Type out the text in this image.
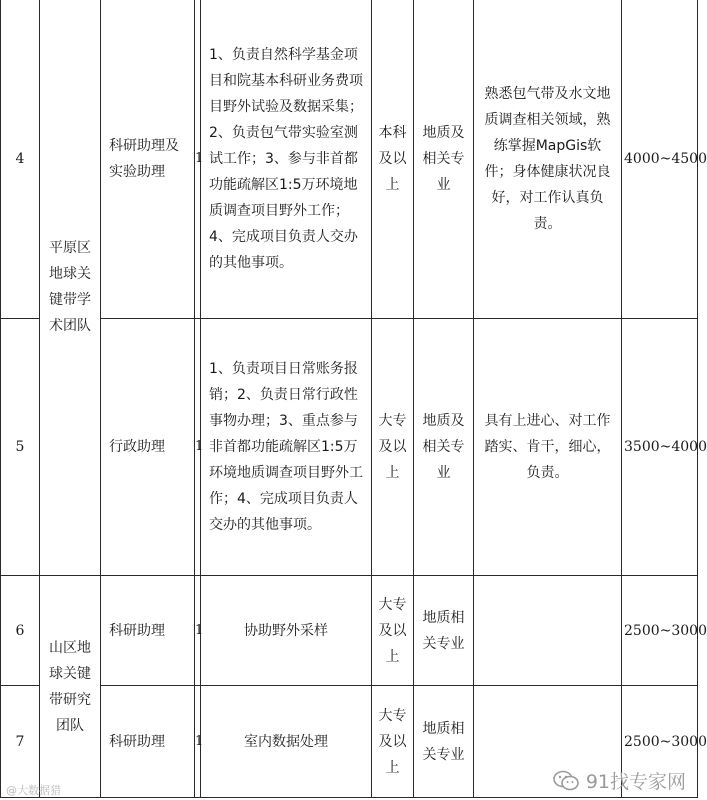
4	平原区地球关键带学术团队	科研助理及实验助理	1	1、负责自然科学基金项目和院基本科研业务费项目野外试验及数据采集；2、负责包气带实验室测试工作；3、参与非首都功能疏解区1:5万环境地质调查项目野外工作；4、完成项目负责人交办的其他事项。	本科及以上	地质及相关专业	熟悉包气带及水文地质调查相关领域，熟练掌握MapGis软件；身体健康状况良好，对工作认真负责。	4000~4500
5		行政助理	1	1、负责项目日常账务报销；2、负责日常行政性事物办理；3、重点参与非首都功能疏解区1:5万环境地质调查项目野外工作；4、完成项目负责人交办的其他事项。	大专及以上	地质及相关专业	具有上进心、对工作踏实、肯干，细心，负责。	3500~4000
6	山区地球关键带研究团队	科研助理	1	协助野外采样	大专及以上	地质相关专业		2500~3000
7		科研助理	1	室内数据处理	大专及以上	地质相关专业		2500~3000
@大数据猎	91找专家网
